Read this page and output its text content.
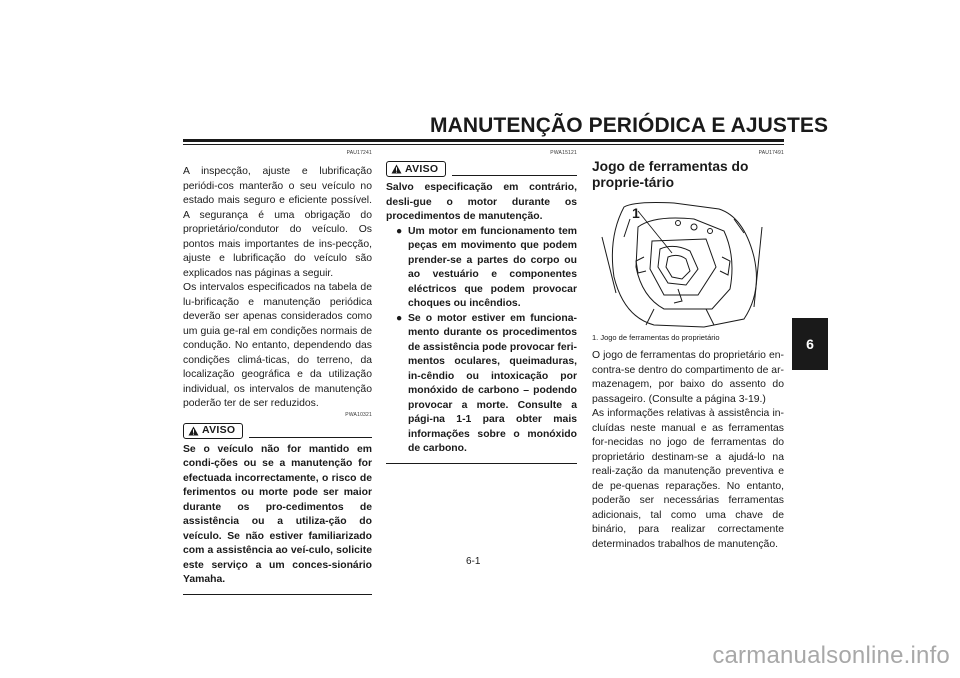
MANUTENÇÃO PERIÓDICA E AJUSTES
6
PAU17241

A inspecção, ajuste e lubrificação periódi-cos manterão o seu veículo no estado mais seguro e eficiente possível. A segurança é uma obrigação do proprietário/condutor do veículo. Os pontos mais importantes de ins-pecção, ajuste e lubrificação do veículo são explicados nas páginas a seguir.

Os intervalos especificados na tabela de lu-brificação e manutenção periódica deverão ser apenas considerados como um guia ge-ral em condições normais de condução. No entanto, dependendo das condições climá-ticas, do terreno, da localização geográfica e da utilização individual, os intervalos de manutenção poderão ter de ser reduzidos.

PWA10321
AVISO

Se o veículo não for mantido em condi-ções ou se a manutenção for efectuada incorrectamente, o risco de ferimentos ou morte pode ser maior durante os pro-cedimentos de assistência ou a utiliza-ção do veículo. Se não estiver familiarizado com a assistência ao veí-culo, solicite este serviço a um conces-sionário Yamaha.

PWA15121
AVISO

Salvo especificação em contrário, desli-gue o motor durante os procedimentos de manutenção.

● Um motor em funcionamento tem peças em movimento que podem prender-se a partes do corpo ou ao vestuário e componentes eléctricos que podem provocar choques ou incêndios.
● Se o motor estiver em funciona-mento durante os procedimentos de assistência pode provocar feri-mentos oculares, queimaduras, in-cêndio ou intoxicação por monóxido de carbono – podendo provocar a morte. Consulte a pági-na 1-1 para obter mais informações sobre o monóxido de carbono.
PAU17491
Jogo de ferramentas do proprie-tário
1
1. Jogo de ferramentas do proprietário

O jogo de ferramentas do proprietário en-contra-se dentro do compartimento de ar-mazenagem, por baixo do assento do passageiro. (Consulte a página 3-19.)

As informações relativas à assistência in-cluídas neste manual e as ferramentas for-necidas no jogo de ferramentas do proprietário destinam-se a ajudá-lo na reali-zação da manutenção preventiva e de pe-quenas reparações. No entanto, poderão ser necessárias ferramentas adicionais, tal como uma chave de binário, para realizar correctamente determinados trabalhos de manutenção.

6-1
carmanualsonline.info
